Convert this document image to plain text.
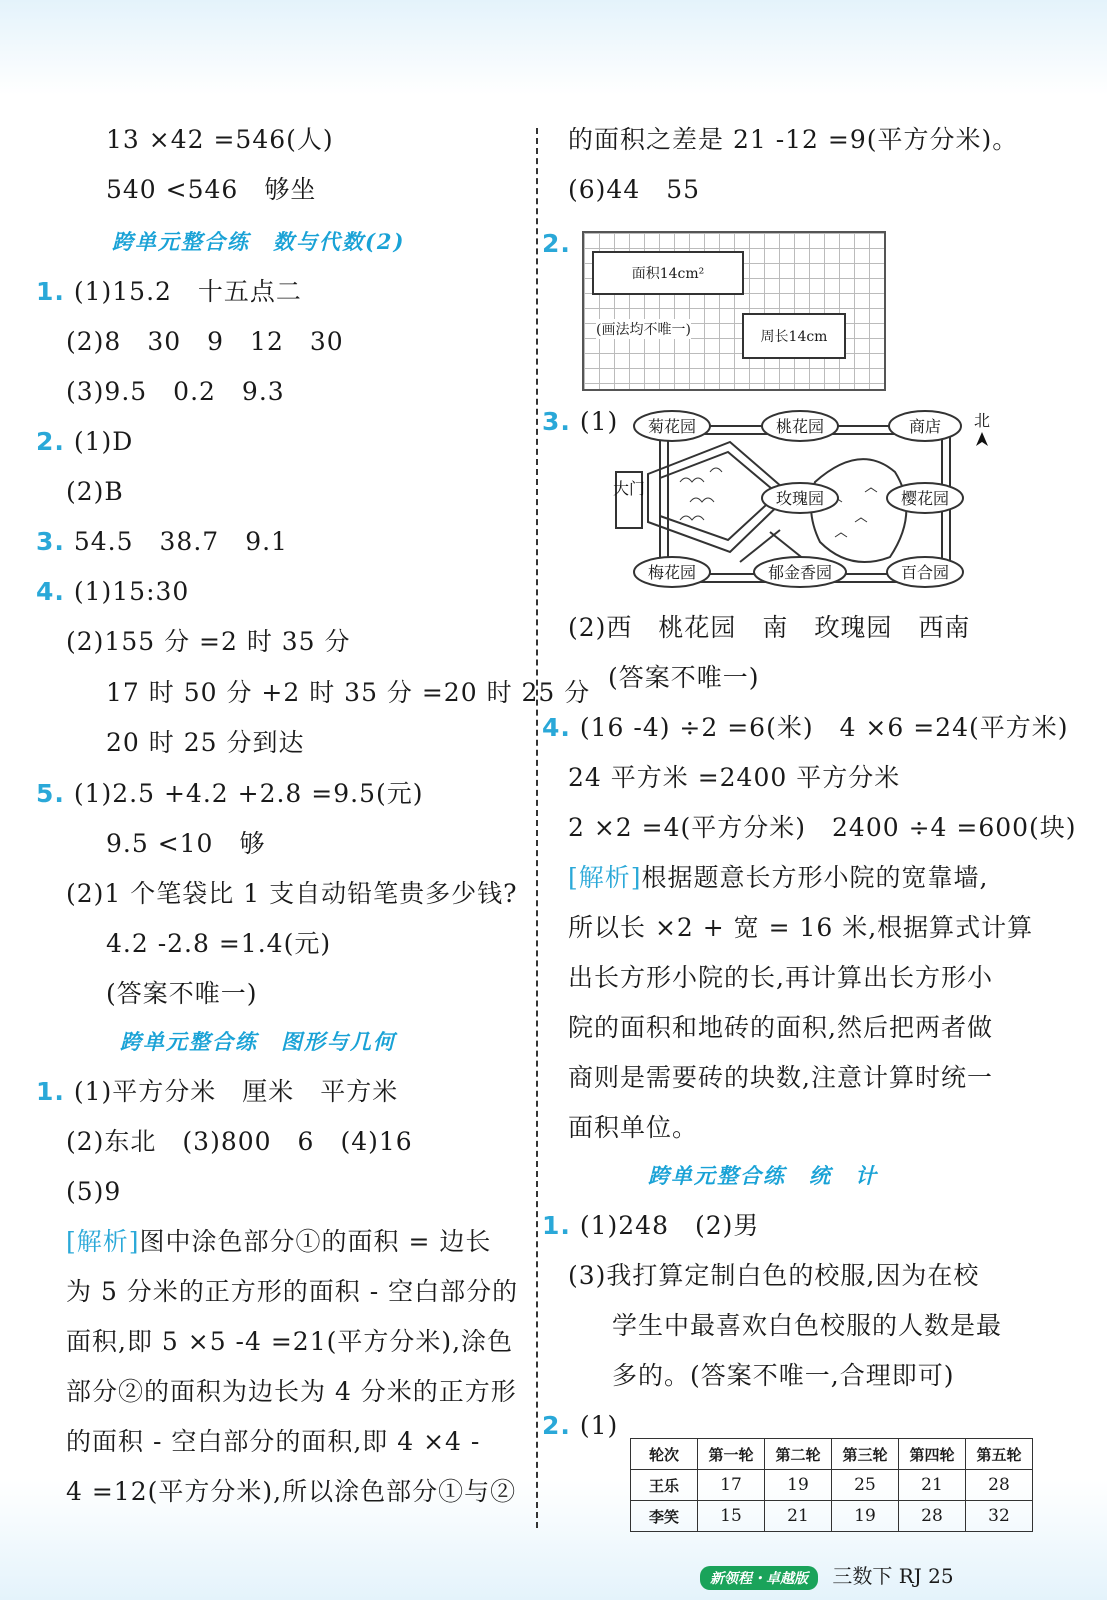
13 ×42 =546(人)
540 <546　够坐
跨单元整合练　数与代数(2)
1. (1)15.2　十五点二
(2)8　30　9　12　30
(3)9.5　0.2　9.3
2. (1)D
(2)B
3. 54.5　38.7　9.1
4. (1)15:30
(2)155 分 =2 时 35 分
17 时 50 分 +2 时 35 分 =20 时 25 分
20 时 25 分到达
5. (1)2.5 +4.2 +2.8 =9.5(元)
9.5 <10　够
(2)1 个笔袋比 1 支自动铅笔贵多少钱?
4.2 -2.8 =1.4(元)
(答案不唯一)
跨单元整合练　图形与几何
1. (1)平方分米　厘米　平方米
(2)东北　(3)800　6　(4)16
(5)9
[解析]图中涂色部分①的面积 = 边长
为 5 分米的正方形的面积 - 空白部分的
面积,即 5 ×5 -4 =21(平方分米),涂色
部分②的面积为边长为 4 分米的正方形
的面积 - 空白部分的面积,即 4 ×4 -
4 =12(平方分米),所以涂色部分①与②
的面积之差是 21 -12 =9(平方分米)。
(6)44　55
2.
面积14cm²
(画法均不唯一)	周长14cm
3. (1) 菊花园	桃花园	商店
大门
玫瑰园	樱花园
梅花园	郁金香园	百合园
北
(2)西　桃花园　南　玫瑰园　西南
(答案不唯一)
4. (16 -4) ÷2 =6(米)　4 ×6 =24(平方米)
24 平方米 =2400 平方分米
2 ×2 =4(平方分米)　2400 ÷4 =600(块)
[解析]根据题意长方形小院的宽靠墙,
所以长 ×2 + 宽 = 16 米,根据算式计算
出长方形小院的长,再计算出长方形小
院的面积和地砖的面积,然后把两者做
商则是需要砖的块数,注意计算时统一
面积单位。
跨单元整合练　统　计
1. (1)248　(2)男
(3)我打算定制白色的校服,因为在校
学生中最喜欢白色校服的人数是最
多的。(答案不唯一,合理即可)
2. (1)
轮次	第一轮	第二轮	第三轮	第四轮	第五轮
王乐	17	19	25	21	28
李笑	15	21	19	28	32
新领程・卓越版 三数下 RJ 25
